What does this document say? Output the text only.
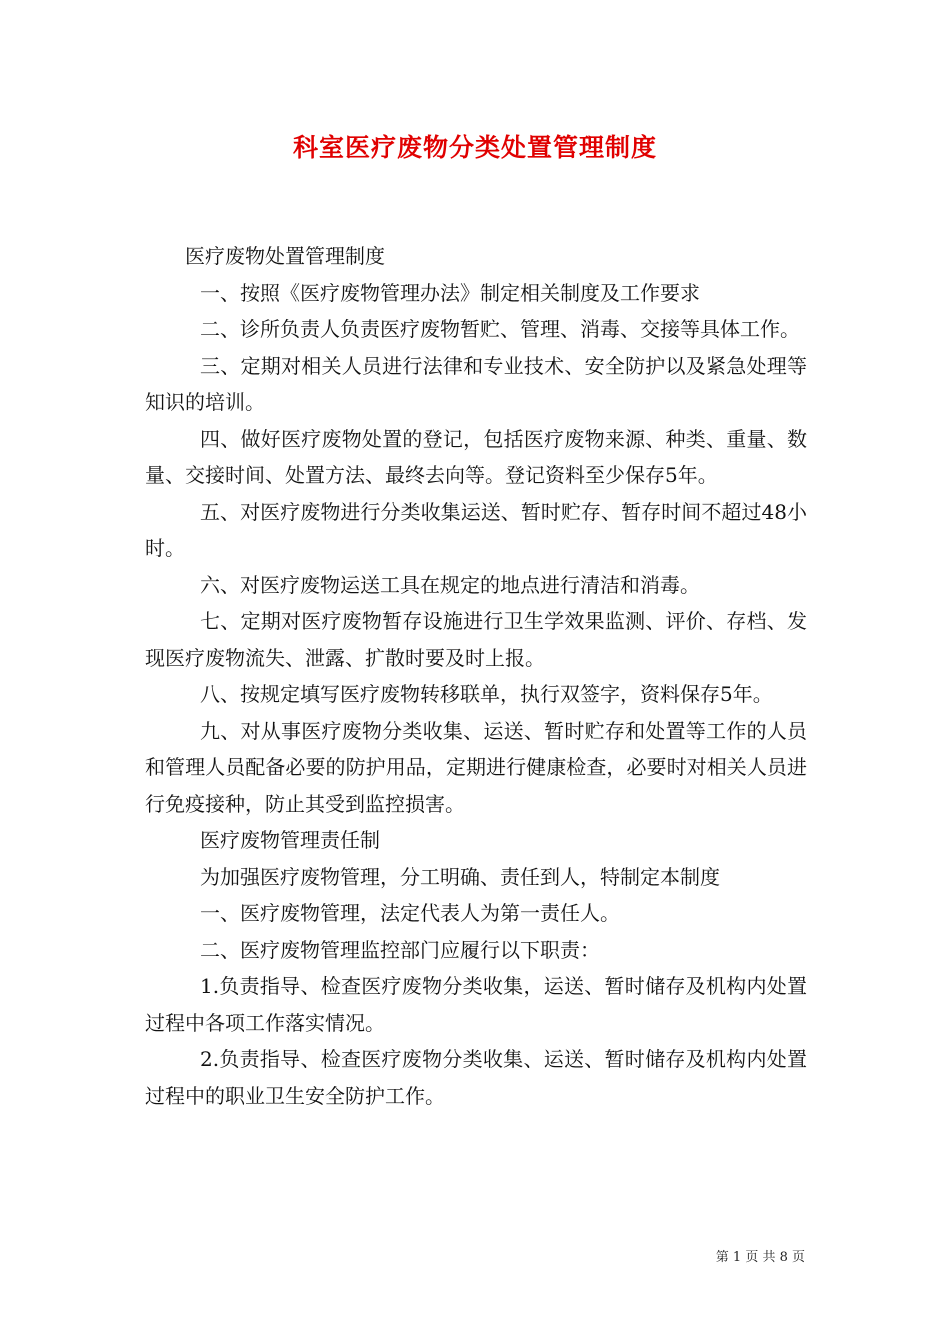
科室医疗废物分类处置管理制度

医疗废物处置管理制度

一、按照《医疗废物管理办法》制定相关制度及工作要求

二、诊所负责人负责医疗废物暂贮、管理、消毒、交接等具体工作。

三、定期对相关人员进行法律和专业技术、安全防护以及紧急处理等知识的培训。

四、做好医疗废物处置的登记，包括医疗废物来源、种类、重量、数量、交接时间、处置方法、最终去向等。登记资料至少保存5年。

五、对医疗废物进行分类收集运送、暂时贮存、暂存时间不超过48小时。

六、对医疗废物运送工具在规定的地点进行清洁和消毒。

七、定期对医疗废物暂存设施进行卫生学效果监测、评价、存档、发现医疗废物流失、泄露、扩散时要及时上报。

八、按规定填写医疗废物转移联单，执行双签字，资料保存5年。

九、对从事医疗废物分类收集、运送、暂时贮存和处置等工作的人员和管理人员配备必要的防护用品，定期进行健康检查，必要时对相关人员进行免疫接种，防止其受到监控损害。

医疗废物管理责任制

为加强医疗废物管理，分工明确、责任到人，特制定本制度

一、医疗废物管理，法定代表人为第一责任人。

二、医疗废物管理监控部门应履行以下职责：

1.负责指导、检查医疗废物分类收集，运送、暂时储存及机构内处置过程中各项工作落实情况。

2.负责指导、检查医疗废物分类收集、运送、暂时储存及机构内处置过程中的职业卫生安全防护工作。

第 1 页 共 8 页
